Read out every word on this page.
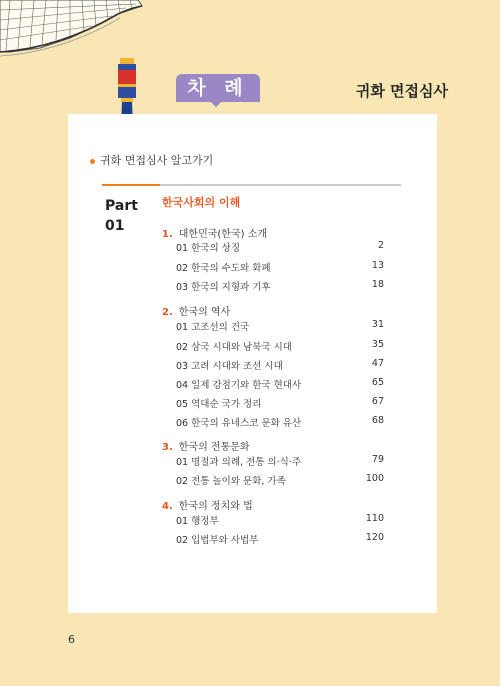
차 례	귀화 면접심사
귀화 면접심사 알고가기
Part
01
한국사회의 이해
1. 대한민국(한국) 소개
01 한국의 상징	2
02 한국의 수도와 화폐	13
03 한국의 지형과 기후	18
2. 한국의 역사
01 고조선의 건국	31
02 삼국 시대와 남북국 시대	35
03 고려 시대와 조선 시대	47
04 일제 강점기와 한국 현대사	65
05 역대순 국가 정리	67
06 한국의 유네스코 문화 유산	68
3. 한국의 전통문화
01 명절과 의례, 전통 의·식·주	79
02 전통 놀이와 문화, 가족	100
4. 한국의 정치와 법
01 행정부	110
02 입법부와 사법부	120
6
